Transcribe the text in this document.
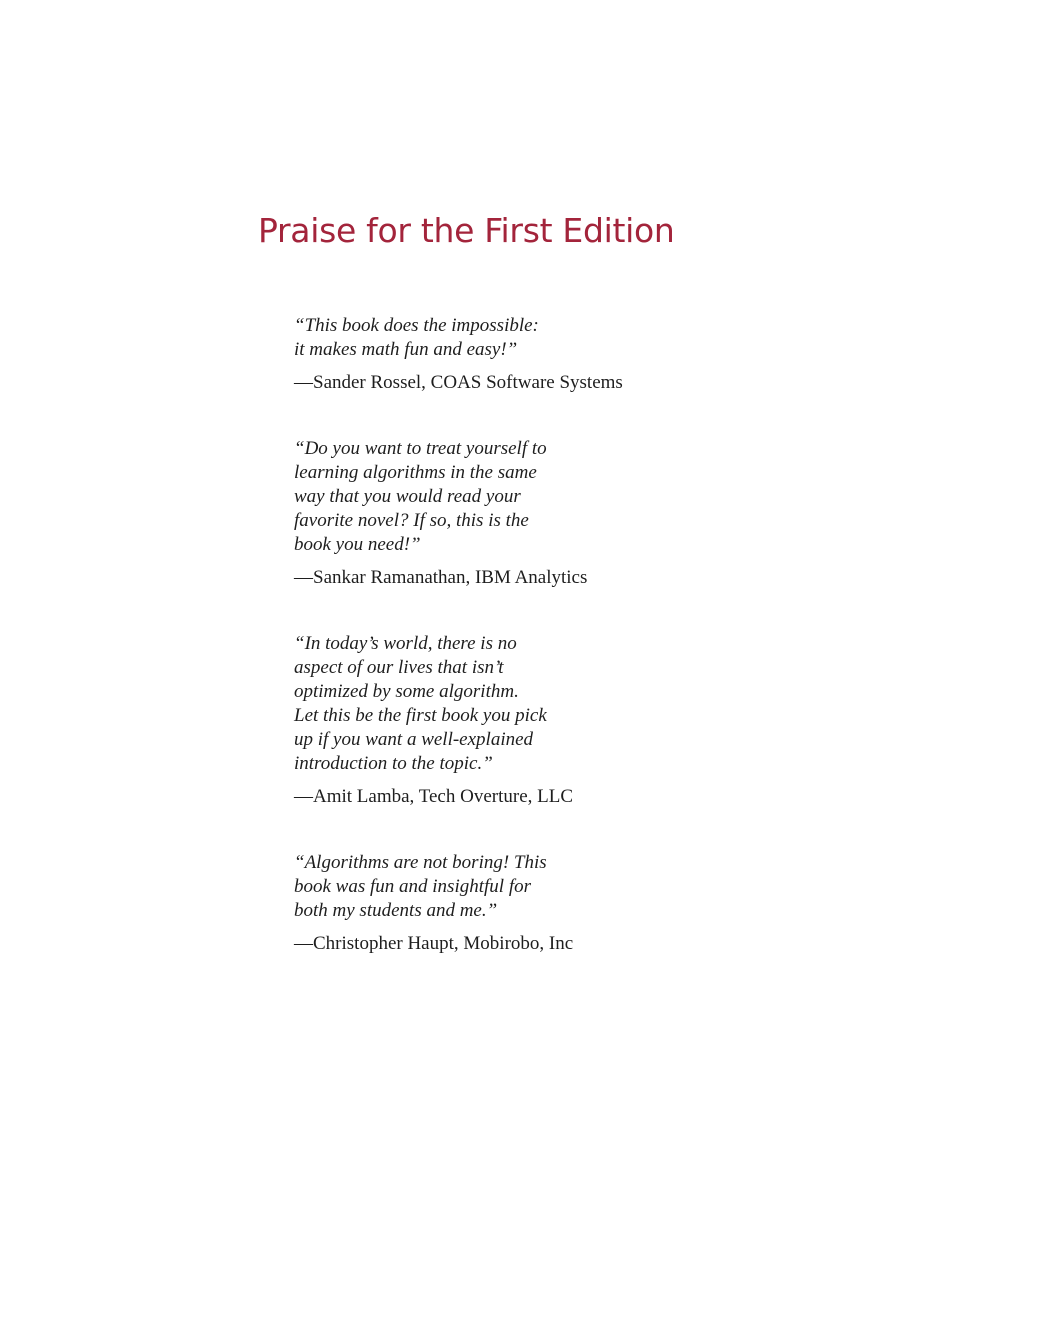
Praise for the First Edition

“This book does the impossible:
it makes math fun and easy!”

—Sander Rossel, COAS Software Systems

“Do you want to treat yourself to
learning algorithms in the same
way that you would read your
favorite novel? If so, this is the
book you need!”

—Sankar Ramanathan, IBM Analytics

“In today’s world, there is no
aspect of our lives that isn’t
optimized by some algorithm.
Let this be the first book you pick
up if you want a well-explained
introduction to the topic.”

—Amit Lamba, Tech Overture, LLC

“Algorithms are not boring! This
book was fun and insightful for
both my students and me.”

—Christopher Haupt, Mobirobo, Inc
